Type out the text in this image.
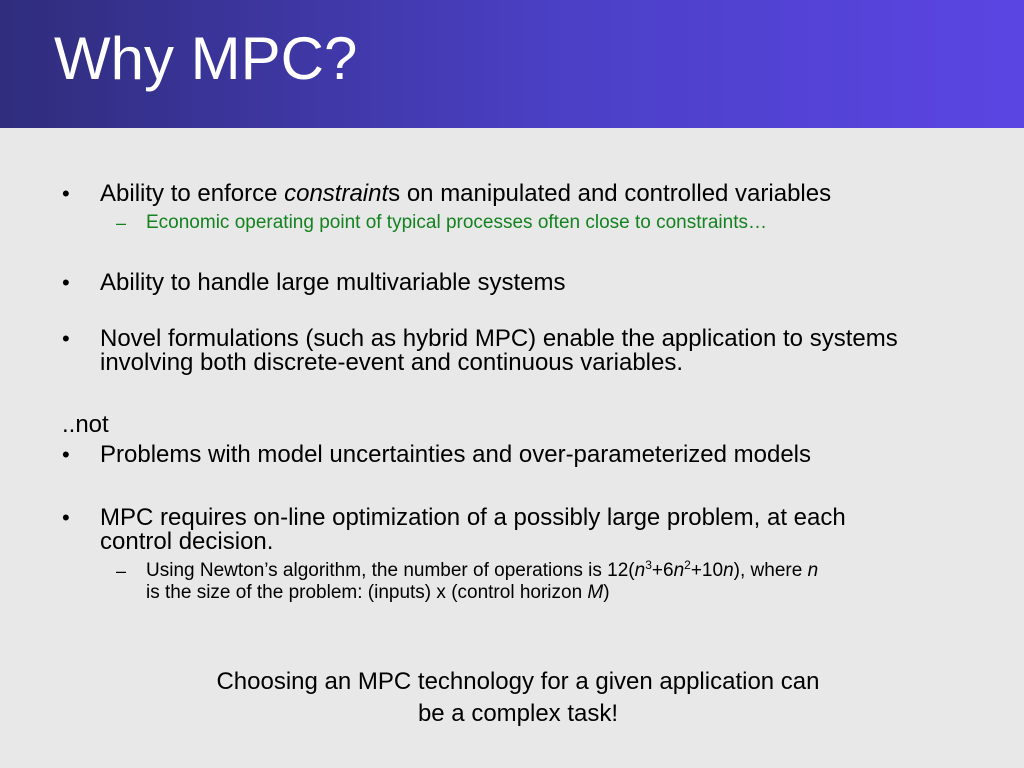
Why MPC?
• Ability to enforce constraints on manipulated and controlled variables
– Economic operating point of typical processes often close to constraints…
• Ability to handle large multivariable systems
• Novel formulations (such as hybrid MPC) enable the application to systems
involving both discrete-event and continuous variables.
..not
• Problems with model uncertainties and over-parameterized models
• MPC requires on-line optimization of a possibly large problem, at each
control decision.
– Using Newton’s algorithm, the number of operations is $12(n^3+6n^2+10n)$, where n
is the size of the problem: (inputs) x (control horizon M)
Choosing an MPC technology for a given application can
be a complex task!
